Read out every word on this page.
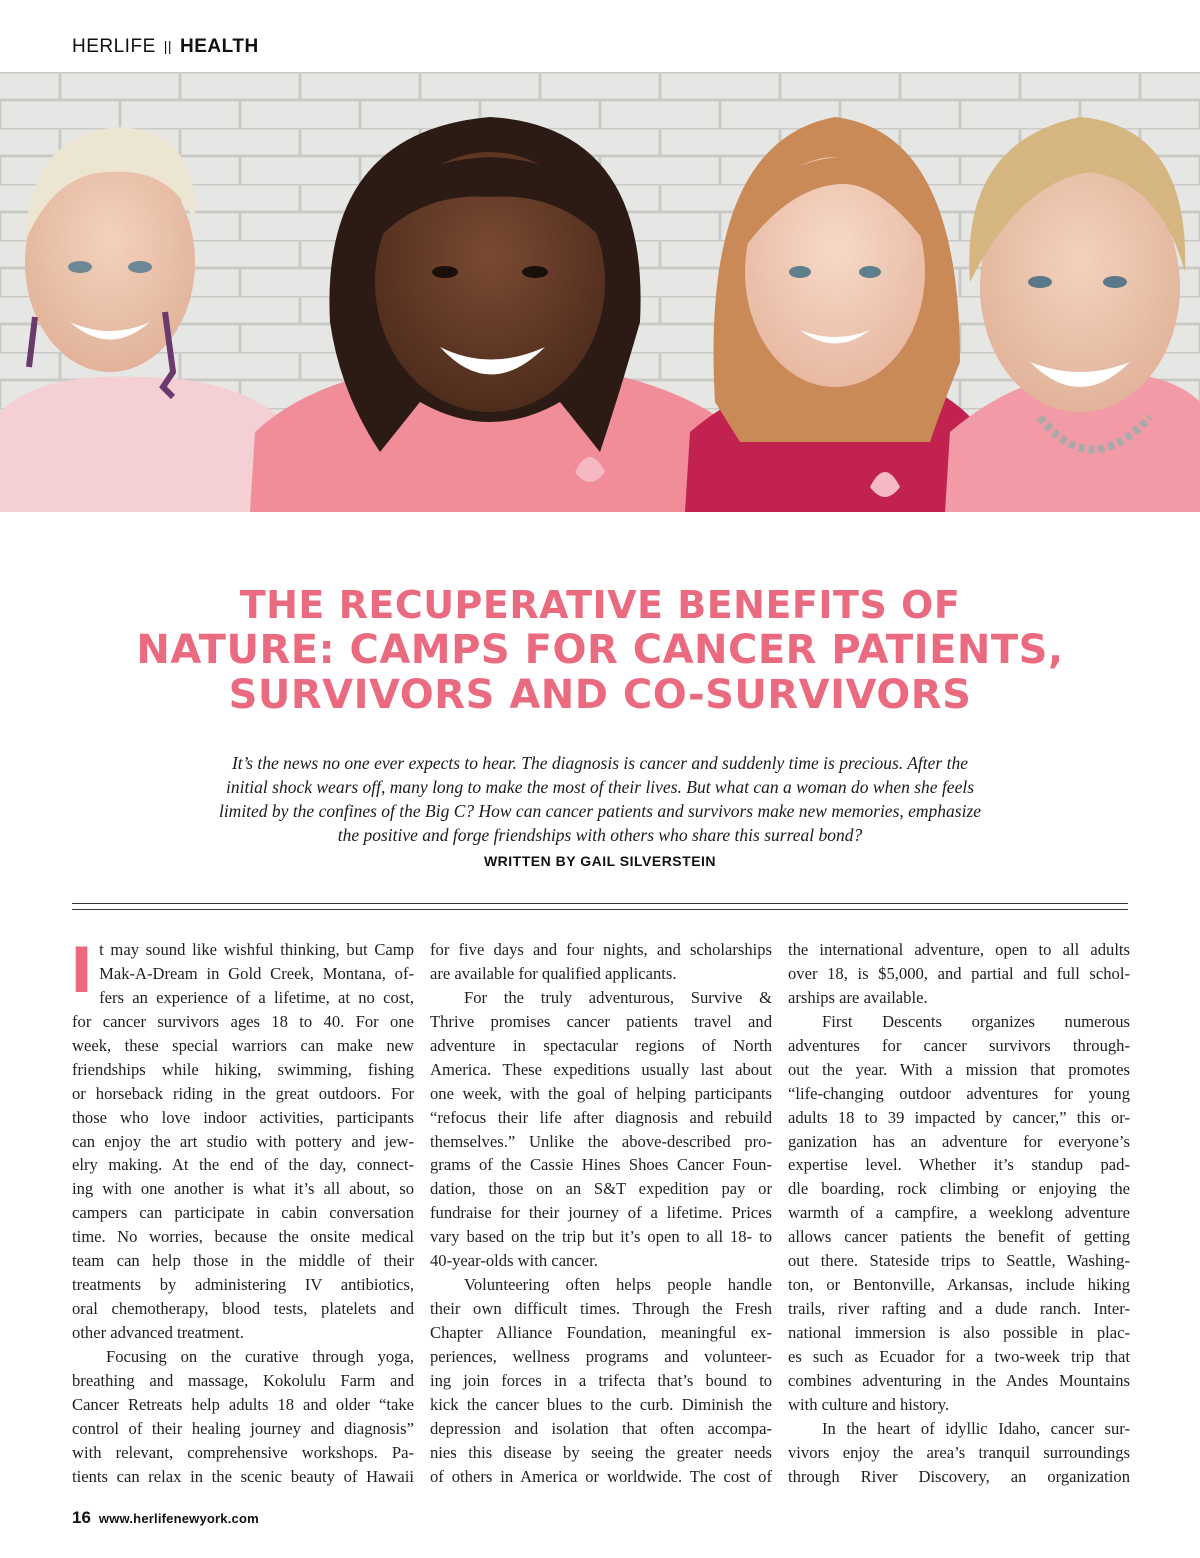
HERLIFE || HEALTH
THE RECUPERATIVE BENEFITS OF
NATURE: CAMPS FOR CANCER PATIENTS,
SURVIVORS AND CO-SURVIVORS

It’s the news no one ever expects to hear. The diagnosis is cancer and suddenly time is precious. After the
initial shock wears off, many long to make the most of their lives. But what can a woman do when she feels
limited by the confines of the Big C? How can cancer patients and survivors make new memories, emphasize
the positive and forge friendships with others who share this surreal bond?

WRITTEN BY GAIL SILVERSTEIN
I t may sound like wishful thinking, but Camp
Mak-A-Dream in Gold Creek, Montana, of-
fers an experience of a lifetime, at no cost,
for cancer survivors ages 18 to 40. For one
week, these special warriors can make new
friendships while hiking, swimming, fishing
or horseback riding in the great outdoors. For
those who love indoor activities, participants
can enjoy the art studio with pottery and jew-
elry making. At the end of the day, connect-
ing with one another is what it’s all about, so
campers can participate in cabin conversation
time. No worries, because the onsite medical
team can help those in the middle of their
treatments by administering IV antibiotics,
oral chemotherapy, blood tests, platelets and
other advanced treatment.
Focusing on the curative through yoga,
breathing and massage, Kokolulu Farm and
Cancer Retreats help adults 18 and older “take
control of their healing journey and diagnosis”
with relevant, comprehensive workshops. Pa-
tients can relax in the scenic beauty of Hawaii
for five days and four nights, and scholarships
are available for qualified applicants.
For the truly adventurous, Survive &
Thrive promises cancer patients travel and
adventure in spectacular regions of North
America. These expeditions usually last about
one week, with the goal of helping participants
“refocus their life after diagnosis and rebuild
themselves.” Unlike the above-described pro-
grams of the Cassie Hines Shoes Cancer Foun-
dation, those on an S&T expedition pay or
fundraise for their journey of a lifetime. Prices
vary based on the trip but it’s open to all 18- to
40-year-olds with cancer.
Volunteering often helps people handle
their own difficult times. Through the Fresh
Chapter Alliance Foundation, meaningful ex-
periences, wellness programs and volunteer-
ing join forces in a trifecta that’s bound to
kick the cancer blues to the curb. Diminish the
depression and isolation that often accompa-
nies this disease by seeing the greater needs
of others in America or worldwide. The cost of
the international adventure, open to all adults
over 18, is $5,000, and partial and full schol-
arships are available.
First Descents organizes numerous
adventures for cancer survivors through-
out the year. With a mission that promotes
“life-changing outdoor adventures for young
adults 18 to 39 impacted by cancer,” this or-
ganization has an adventure for everyone’s
expertise level. Whether it’s standup pad-
dle boarding, rock climbing or enjoying the
warmth of a campfire, a weeklong adventure
allows cancer patients the benefit of getting
out there. Stateside trips to Seattle, Washing-
ton, or Bentonville, Arkansas, include hiking
trails, river rafting and a dude ranch. Inter-
national immersion is also possible in plac-
es such as Ecuador for a two-week trip that
combines adventuring in the Andes Mountains
with culture and history.
In the heart of idyllic Idaho, cancer sur-
vivors enjoy the area’s tranquil surroundings
through River Discovery, an organization
16 www.herlifenewyork.com
